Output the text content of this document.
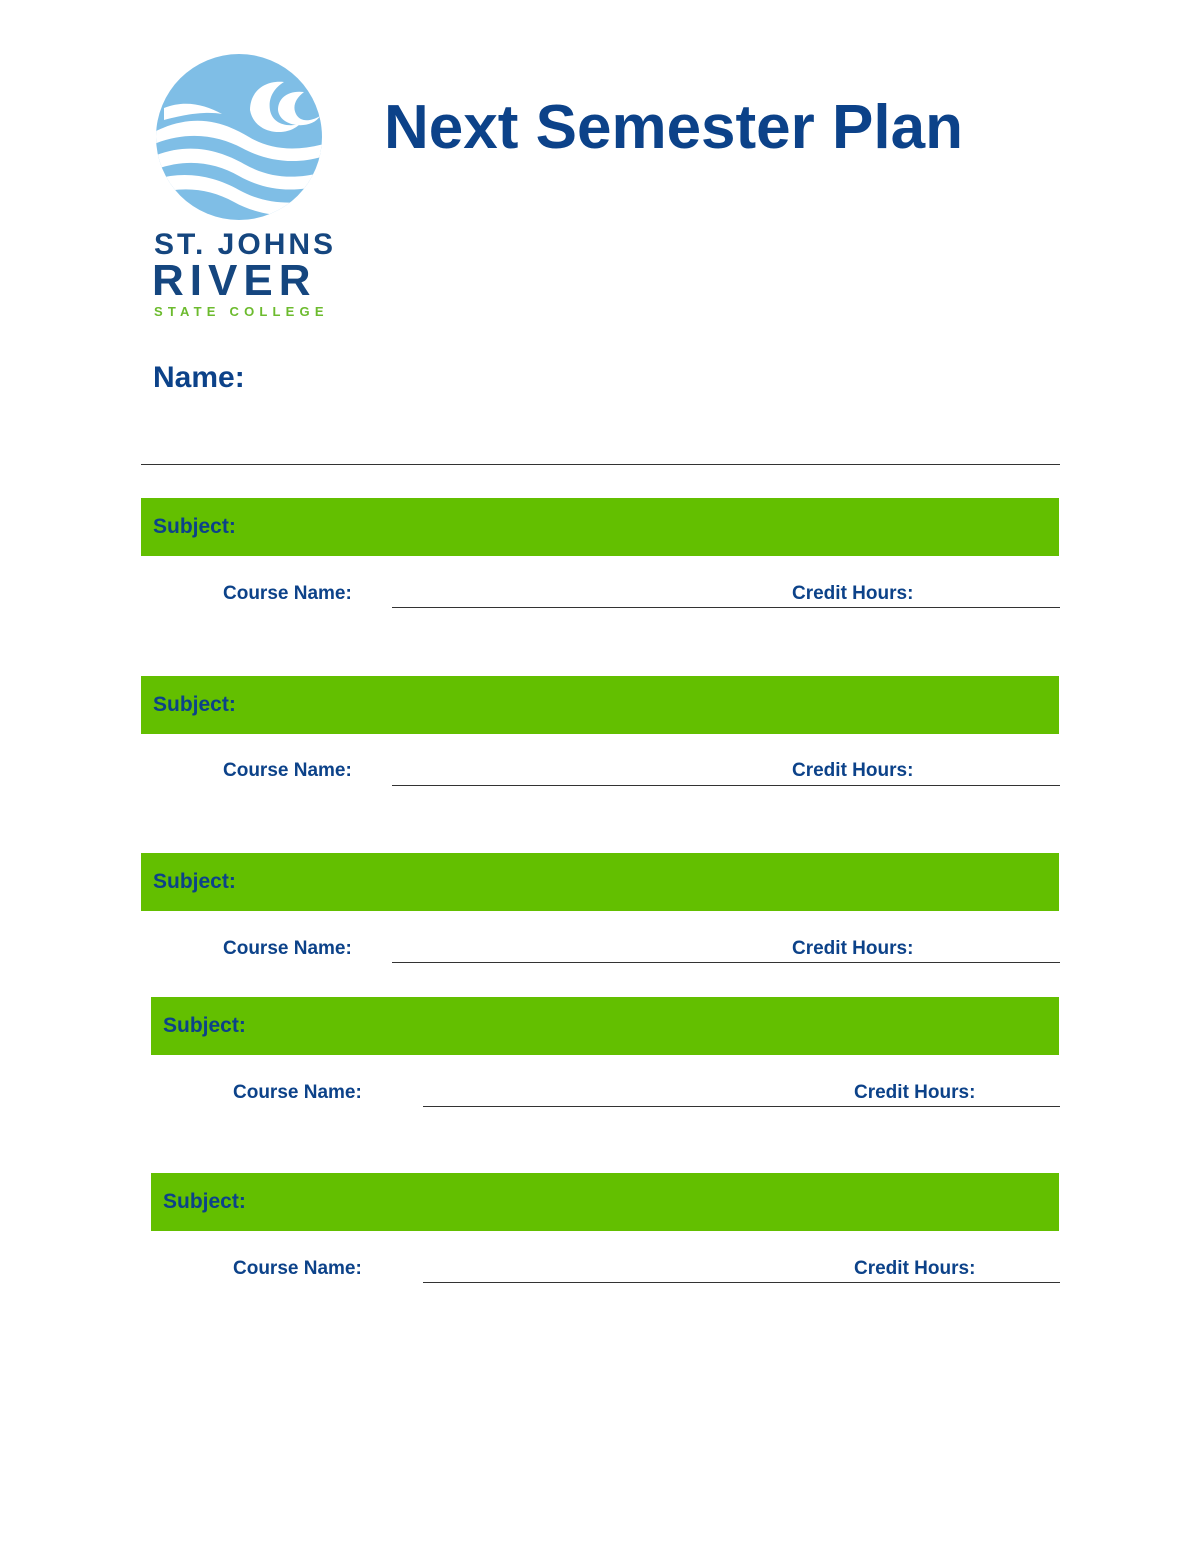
ST. JOHNS
RIVER
STATE COLLEGE
Next Semester Plan
Name:
Subject:
Course Name:	Credit Hours:
Subject:
Course Name:	Credit Hours:
Subject:
Course Name:	Credit Hours:
Subject:
Course Name:	Credit Hours:
Subject:
Course Name:	Credit Hours:
